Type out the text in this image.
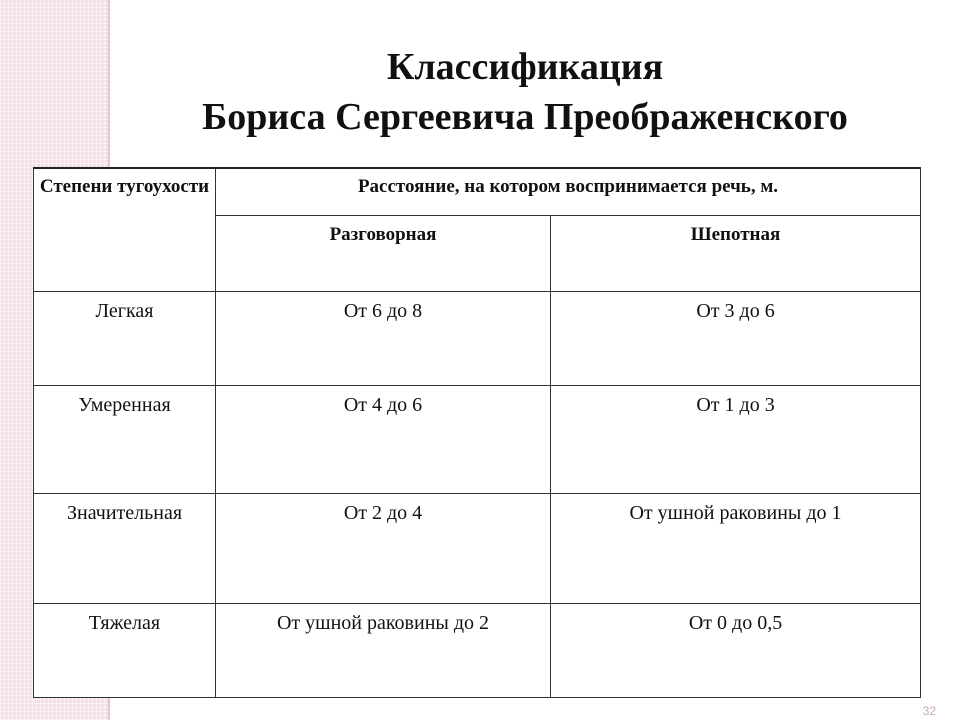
Классификация
Бориса Сергеевича Преображенского
Степени тугоухости	Расстояние, на котором воспринимается речь, м.	
	Разговорная	Шепотная
Легкая	От 6 до 8	От 3 до 6
Умеренная	От 4 до 6	От 1 до 3
Значительная	От 2 до 4	От ушной раковины до 1
Тяжелая	От ушной раковины до 2	От 0 до 0,5
32
